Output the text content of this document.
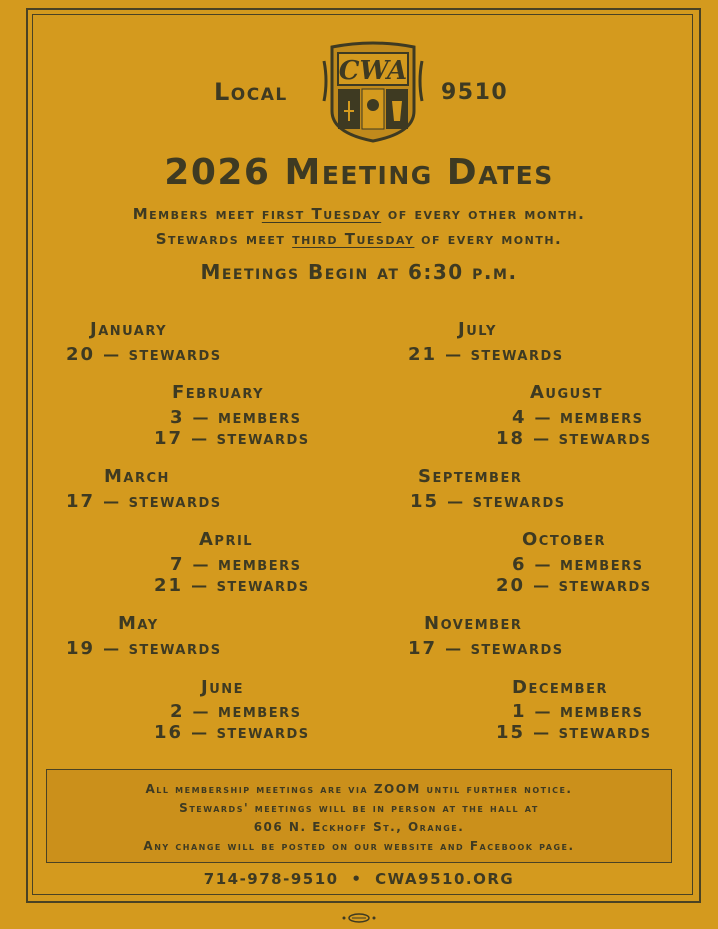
Local
CWA
9510
2026 Meeting Dates
Members meet first Tuesday of every other month.
Stewards meet third Tuesday of every month.
Meetings Begin at 6:30 p.m.
January
20 — STEWARDS
February
3 — MEMBERS
17 — STEWARDS
March
17 — STEWARDS
April
7 — MEMBERS
21 — STEWARDS
May
19 — STEWARDS
June
2 — MEMBERS
16 — STEWARDS
July
21 — STEWARDS
August
4 — MEMBERS
18 — STEWARDS
September
15 — STEWARDS
October
6 — MEMBERS
20 — STEWARDS
November
17 — STEWARDS
December
1 — MEMBERS
15 — STEWARDS
All membership meetings are via ZOOM until further notice.
Stewards' meetings will be in person at the hall at
606 N. Eckhoff St., Orange.
Any change will be posted on our website and Facebook page.
714-978-9510 • CWA9510.ORG
